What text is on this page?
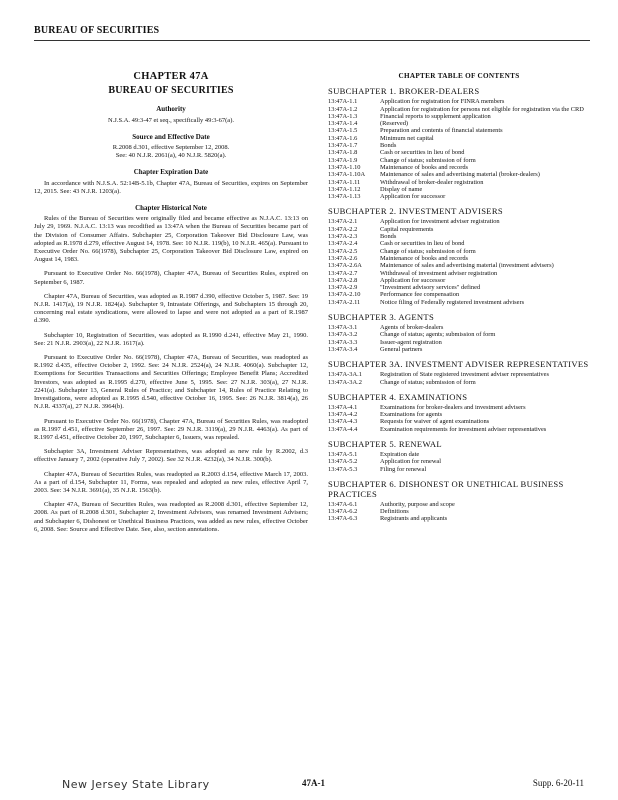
BUREAU OF SECURITIES
CHAPTER 47A
BUREAU OF SECURITIES
Authority

N.J.S.A. 49:3-47 et seq., specifically 49:3-67(a).

Source and Effective Date

R.2008 d.301, effective September 12, 2008.

See: 40 N.J.R. 2061(a), 40 N.J.R. 5820(a).

Chapter Expiration Date

In accordance with N.J.S.A. 52:14B-5.1b, Chapter 47A, Bureau of Securities, expires on September 12, 2015. See: 43 N.J.R. 1203(a).

Chapter Historical Note

Rules of the Bureau of Securities were originally filed and became effective as N.J.A.C. 13:13 on July 29, 1969. N.J.A.C. 13:13 was recodified as 13:47A when the Bureau of Securities became part of the Division of Consumer Affairs. Subchapter 25, Corporation Takeover Bid Disclosure Law, was adopted as R.1978 d.279, effective August 14, 1978. See: 10 N.J.R. 119(b), 10 N.J.R. 465(a). Pursuant to Executive Order No. 66(1978), Subchapter 25, Corporation Takeover Bid Disclosure Law, expired on August 14, 1983.

Pursuant to Executive Order No. 66(1978), Chapter 47A, Bureau of Securities Rules, expired on September 6, 1987.

Chapter 47A, Bureau of Securities, was adopted as R.1987 d.390, effective October 5, 1987. See: 19 N.J.R. 1417(a), 19 N.J.R. 1824(a). Subchapter 9, Intrastate Offerings, and Subchapters 15 through 20, concerning real estate syndications, were allowed to lapse and were not adopted as a part of R.1987 d.390.

Subchapter 10, Registration of Securities, was adopted as R.1990 d.241, effective May 21, 1990. See: 21 N.J.R. 2903(a), 22 N.J.R. 1617(a).

Pursuant to Executive Order No. 66(1978), Chapter 47A, Bureau of Securities, was readopted as R.1992 d.435, effective October 2, 1992. See: 24 N.J.R. 2524(a), 24 N.J.R. 4060(a). Subchapter 12, Exemptions for Securities Transactions and Securities Offerings; Employee Benefit Plans; Accredited Investors, was adopted as R.1995 d.270, effective June 5, 1995. See: 27 N.J.R. 303(a), 27 N.J.R. 2241(a). Subchapter 13, General Rules of Practice; and Subchapter 14, Rules of Practice Relating to Investigations, were adopted as R.1995 d.540, effective October 16, 1995. See: 26 N.J.R. 3814(a), 26 N.J.R. 4337(a), 27 N.J.R. 3964(b).

Pursuant to Executive Order No. 66(1978), Chapter 47A, Bureau of Securities Rules, was readopted as R.1997 d.451, effective September 26, 1997. See: 29 N.J.R. 3119(a), 29 N.J.R. 4463(a). As part of R.1997 d.451, effective October 20, 1997, Subchapter 6, Issuers, was repealed.

Subchapter 3A, Investment Adviser Representatives, was adopted as new rule by R.2002, d.3 effective January 7, 2002 (operative July 7, 2002). See 32 N.J.R. 4232(a), 34 N.J.R. 300(b).

Chapter 47A, Bureau of Securities Rules, was readopted as R.2003 d.154, effective March 17, 2003. As a part of d.154, Subchapter 11, Forms, was repealed and adopted as new rules, effective April 7, 2003. See: 34 N.J.R. 3691(a), 35 N.J.R. 1563(b).

Chapter 47A, Bureau of Securities Rules, was readopted as R.2008 d.301, effective September 12, 2008. As part of R.2008 d.301, Subchapter 2, Investment Advisors, was renamed Investment Advisers; and Subchapter 6, Dishonest or Unethical Business Practices, was added as new rules, effective October 6, 2008. See: Source and Effective Date. See, also, section annotations.

CHAPTER TABLE OF CONTENTS
SUBCHAPTER 1. BROKER-DEALERS
13:47A-1.1	Application for registration for FINRA members
13:47A-1.2	Application for registration for persons not eligible for registration via the CRD
13:47A-1.3	Financial reports to supplement application
13:47A-1.4	(Reserved)
13:47A-1.5	Preparation and contents of financial statements
13:47A-1.6	Minimum net capital
13:47A-1.7	Bonds
13:47A-1.8	Cash or securities in lieu of bond
13:47A-1.9	Change of status; submission of form
13:47A-1.10	Maintenance of books and records
13:47A-1.10A	Maintenance of sales and advertising material (broker-dealers)
13:47A-1.11	Withdrawal of broker-dealer registration
13:47A-1.12	Display of name
13:47A-1.13	Application for successor
SUBCHAPTER 2. INVESTMENT ADVISERS
13:47A-2.1	Application for investment adviser registration
13:47A-2.2	Capital requirements
13:47A-2.3	Bonds
13:47A-2.4	Cash or securities in lieu of bond
13:47A-2.5	Change of status; submission of form
13:47A-2.6	Maintenance of books and records
13:47A-2.6A	Maintenance of sales and advertising material (investment advisers)
13:47A-2.7	Withdrawal of investment adviser registration
13:47A-2.8	Application for successor
13:47A-2.9	"Investment advisory services" defined
13:47A-2.10	Performance fee compensation
13:47A-2.11	Notice filing of Federally registered investment advisers
SUBCHAPTER 3. AGENTS
13:47A-3.1	Agents of broker-dealers
13:47A-3.2	Change of status; agents; submission of form
13:47A-3.3	Issuer-agent registration
13:47A-3.4	General partners
SUBCHAPTER 3A. INVESTMENT ADVISER REPRESENTATIVES
13:47A-3A.1	Registration of State registered investment adviser representatives
13:47A-3A.2	Change of status; submission of form
SUBCHAPTER 4. EXAMINATIONS
13:47A-4.1	Examinations for broker-dealers and investment advisers
13:47A-4.2	Examinations for agents
13:47A-4.3	Requests for waiver of agent examinations
13:47A-4.4	Examination requirements for investment adviser representatives
SUBCHAPTER 5. RENEWAL
13:47A-5.1	Expiration date
13:47A-5.2	Application for renewal
13:47A-5.3	Filing for renewal
SUBCHAPTER 6. DISHONEST OR UNETHICAL BUSINESS PRACTICES
13:47A-6.1	Authority, purpose and scope
13:47A-6.2	Definitions
13:47A-6.3	Registrants and applicants
New Jersey State Library	47A-1	Supp. 6-20-11
